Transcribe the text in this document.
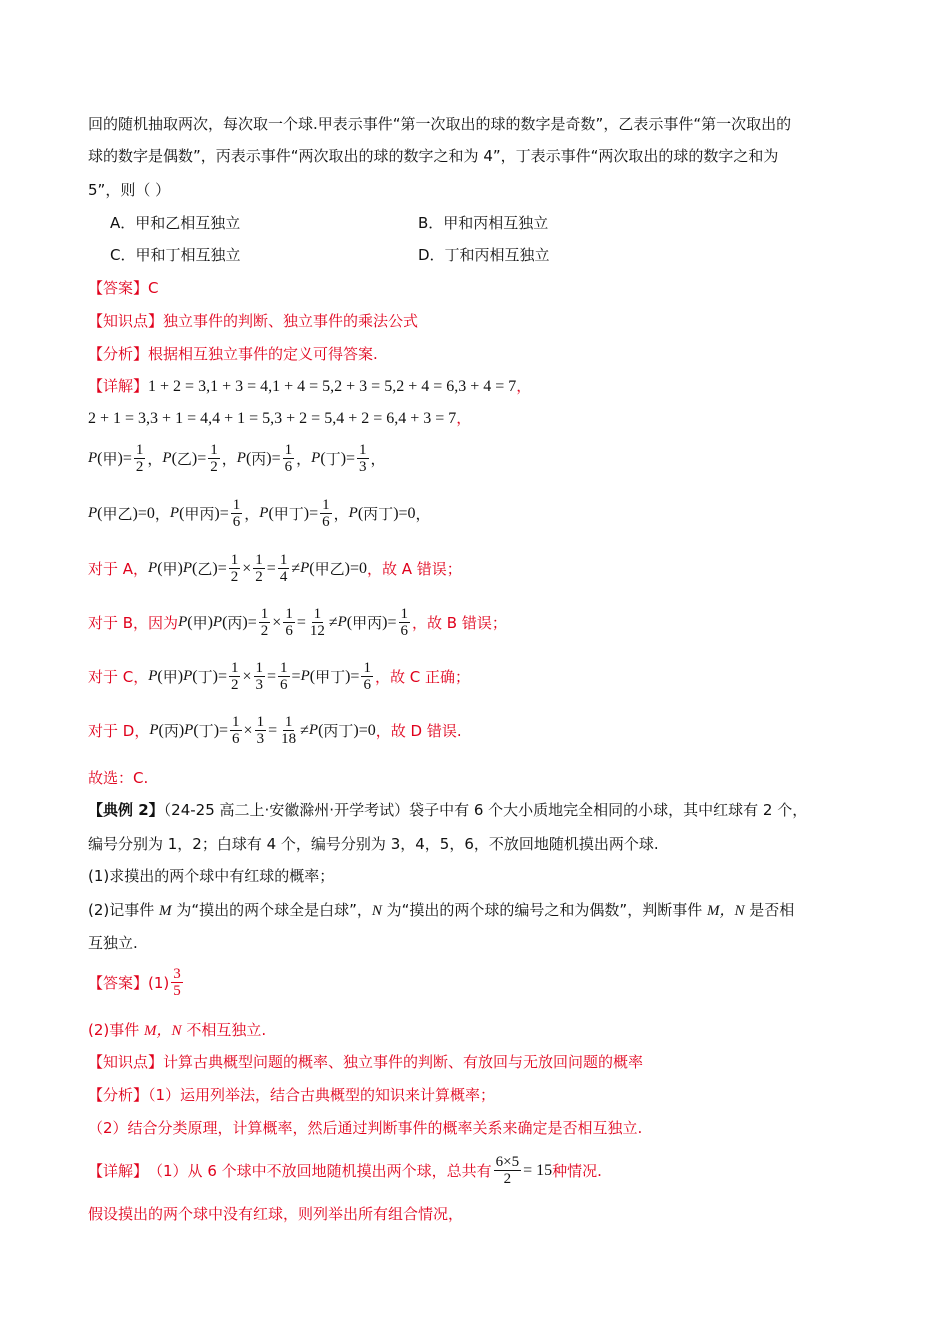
回的随机抽取两次，每次取一个球.甲表示事件“第一次取出的球的数字是奇数”，乙表示事件“第一次取出的
球的数字是偶数”，丙表示事件“两次取出的球的数字之和为 4”，丁表示事件“两次取出的球的数字之和为
5”，则（ ）
A．甲和乙相互独立	B．甲和丙相互独立
C．甲和丁相互独立	D．丁和丙相互独立
【答案】C
【知识点】独立事件的判断、独立事件的乘法公式
【分析】根据相互独立事件的定义可得答案.
【详解】1 + 2 = 3,1 + 3 = 4,1 + 4 = 5,2 + 3 = 5,2 + 4 = 6,3 + 4 = 7，
2 + 1 = 3,3 + 1 = 4,4 + 1 = 5,3 + 2 = 5,4 + 2 = 6,4 + 3 = 7，
P ( 甲 ) = $\frac{1}{2}$ ， P ( 乙 ) = $\frac{1}{2}$ ， P ( 丙 ) = $\frac{1}{6}$ ， P ( 丁 ) = $\frac{1}{3}$ ，
P ( 甲乙 ) = 0 ， P ( 甲丙 ) = $\frac{1}{6}$ ， P ( 甲丁 ) = $\frac{1}{6}$ ， P ( 丙丁 ) = 0 ，
对于 A， P ( 甲 ) P ( 乙 ) = $\frac{1}{2} \times \frac{1}{2} = \frac{1}{4} \ne P$ ( 甲乙 ) = 0 ，故 A 错误；
对于 B，因为 P ( 甲 ) P ( 丙 ) = $\frac{1}{2} \times \frac{1}{6} = \frac{1}{12} \ne P$ ( 甲丙 ) = $\frac{1}{6}$ ，故 B 错误；
对于 C， P ( 甲 ) P ( 丁 ) = $\frac{1}{2} \times \frac{1}{3} = \frac{1}{6} = P$ ( 甲丁 ) = $\frac{1}{6}$ ，故 C 正确；
对于 D， P ( 丙 ) P ( 丁 ) = $\frac{1}{6} \times \frac{1}{3} = \frac{1}{18} \ne P$ ( 丙丁 ) = 0 ，故 D 错误.
故选：C.
【典例 2】（24-25 高二上·安徽滁州·开学考试）袋子中有 6 个大小质地完全相同的小球，其中红球有 2 个，
编号分别为 1，2；白球有 4 个，编号分别为 3，4，5，6，不放回地随机摸出两个球.
(1)求摸出的两个球中有红球的概率；
(2)记事件 M 为“摸出的两个球全是白球”，N 为“摸出的两个球的编号之和为偶数”，判断事件 M，N 是否相
互独立.
【答案】 $(1) \frac{3}{5}$
(2)事件 M，N 不相互独立.
【知识点】计算古典概型问题的概率、独立事件的判断、有放回与无放回问题的概率
【分析】（1）运用列举法，结合古典概型的知识来计算概率；
（2）结合分类原理，计算概率，然后通过判断事件的概率关系来确定是否相互独立.
【详解】 （1）从 6 个球中不放回地随机摸出两个球，总共有 $\frac{6\times 5}{2} = 15$ 种情况.
假设摸出的两个球中没有红球，则列举出所有组合情况，
